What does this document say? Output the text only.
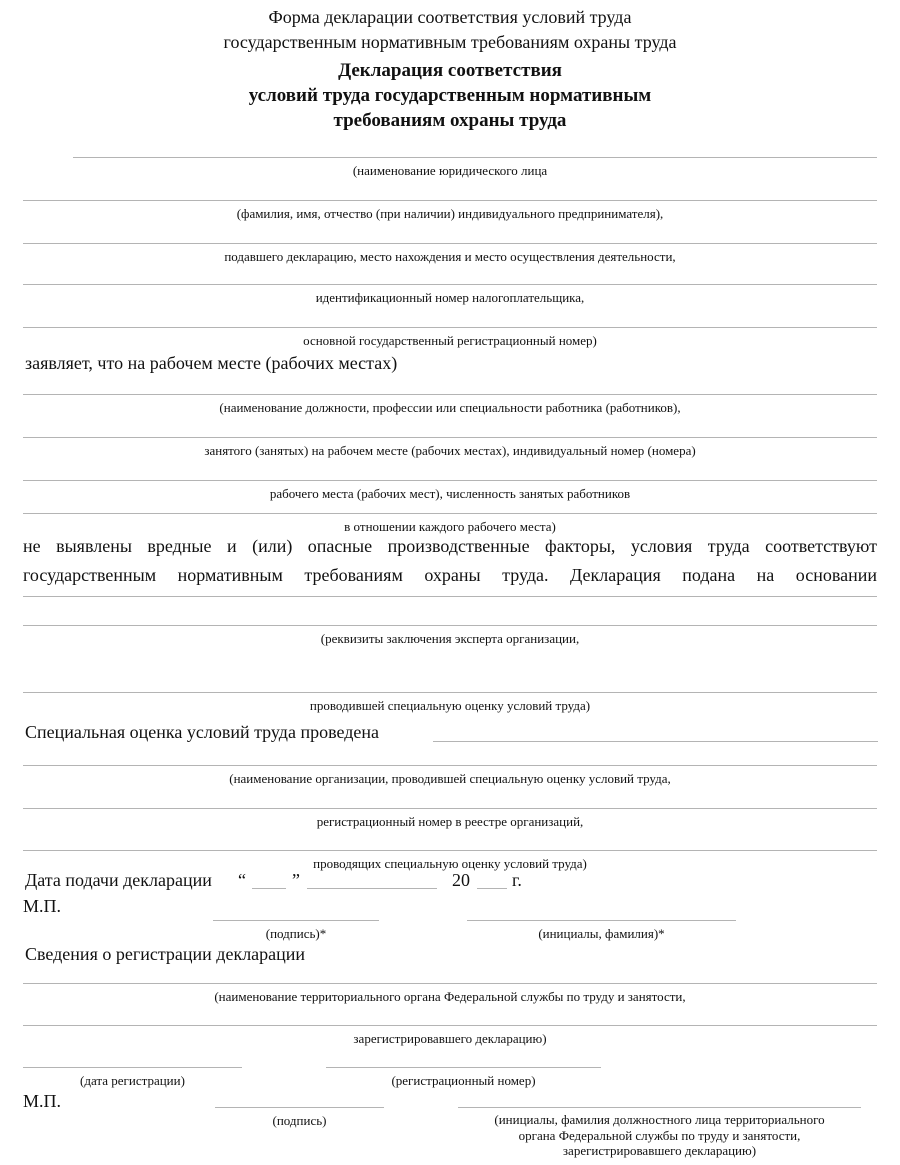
Форма декларации соответствия условий труда
государственным нормативным требованиям охраны труда
Декларация соответствия
условий труда государственным нормативным
требованиям охраны труда
(наименование юридического лица
(фамилия, имя, отчество (при наличии) индивидуального предпринимателя),
подавшего декларацию, место нахождения и место осуществления деятельности,
идентификационный номер налогоплательщика,
основной государственный регистрационный номер)
заявляет, что на рабочем месте (рабочих местах)
(наименование должности, профессии или специальности работника (работников),
занятого (занятых) на рабочем месте (рабочих местах), индивидуальный номер (номера)
рабочего места (рабочих мест), численность занятых работников
в отношении каждого рабочего места)
не выявлены вредные и (или) опасные производственные факторы, условия труда соответствуют
государственным нормативным требованиям охраны труда. Декларация подана на основании
(реквизиты заключения эксперта организации,
проводившей специальную оценку условий труда)
Специальная оценка условий труда проведена
(наименование организации, проводившей специальную оценку условий труда,
регистрационный номер в реестре организаций,
проводящих специальную оценку условий труда)
Дата подачи декларации “	”	20 г.
М.П.
(подпись)*	(инициалы, фамилия)*
Сведения о регистрации декларации
(наименование территориального органа Федеральной службы по труду и занятости,
зарегистрировавшего декларацию)
(дата регистрации)	(регистрационный номер)
М.П.
(подпись)	(инициалы, фамилия должностного лица территориального
органа Федеральной службы по труду и занятости,
зарегистрировавшего декларацию)
